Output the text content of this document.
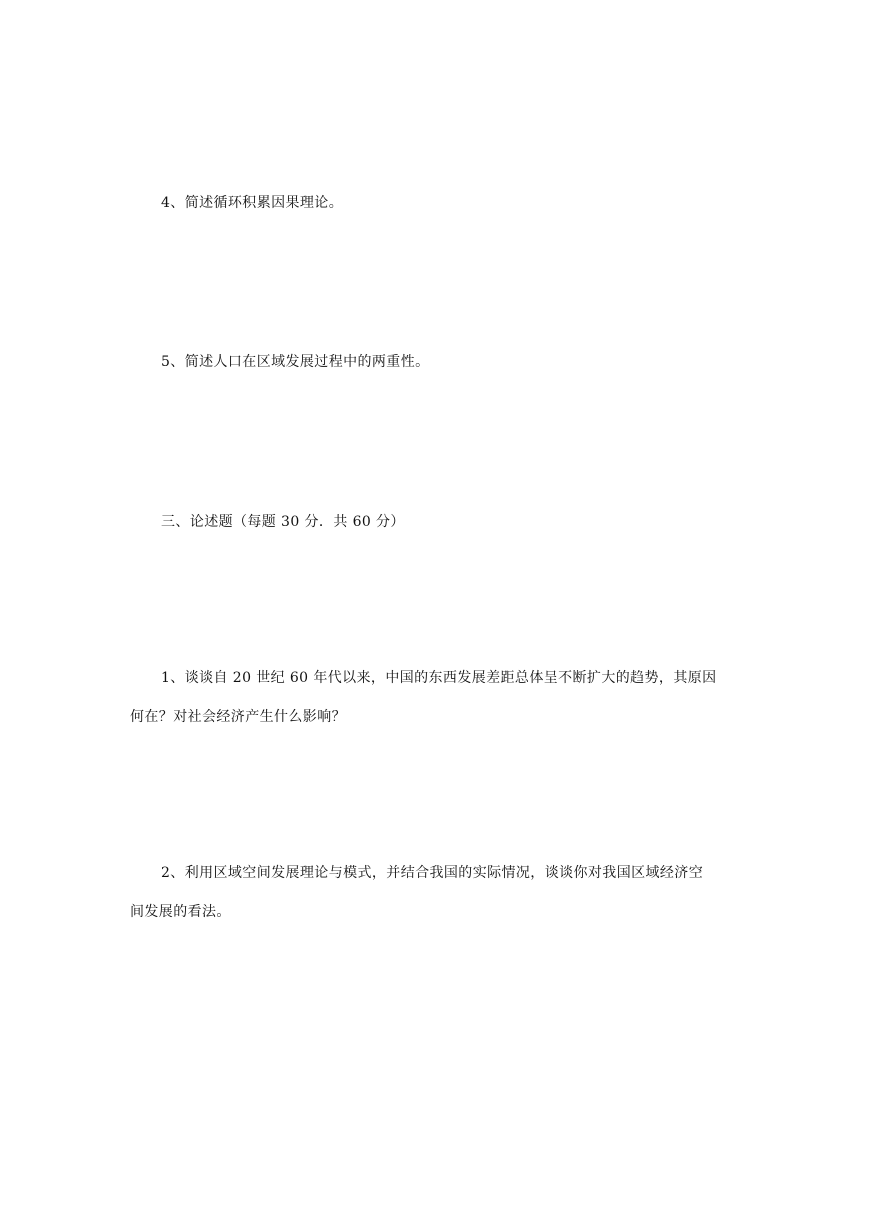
4、简述循环积累因果理论。
5、简述人口在区域发展过程中的两重性。
三、论述题（每题 30 分．共 60 分）
1、谈谈自 20 世纪 60 年代以来，中国的东西发展差距总体呈不断扩大的趋势，其原因
何在？对社会经济产生什么影响？
2、利用区域空间发展理论与模式，并结合我国的实际情况，谈谈你对我国区域经济空
间发展的看法。
